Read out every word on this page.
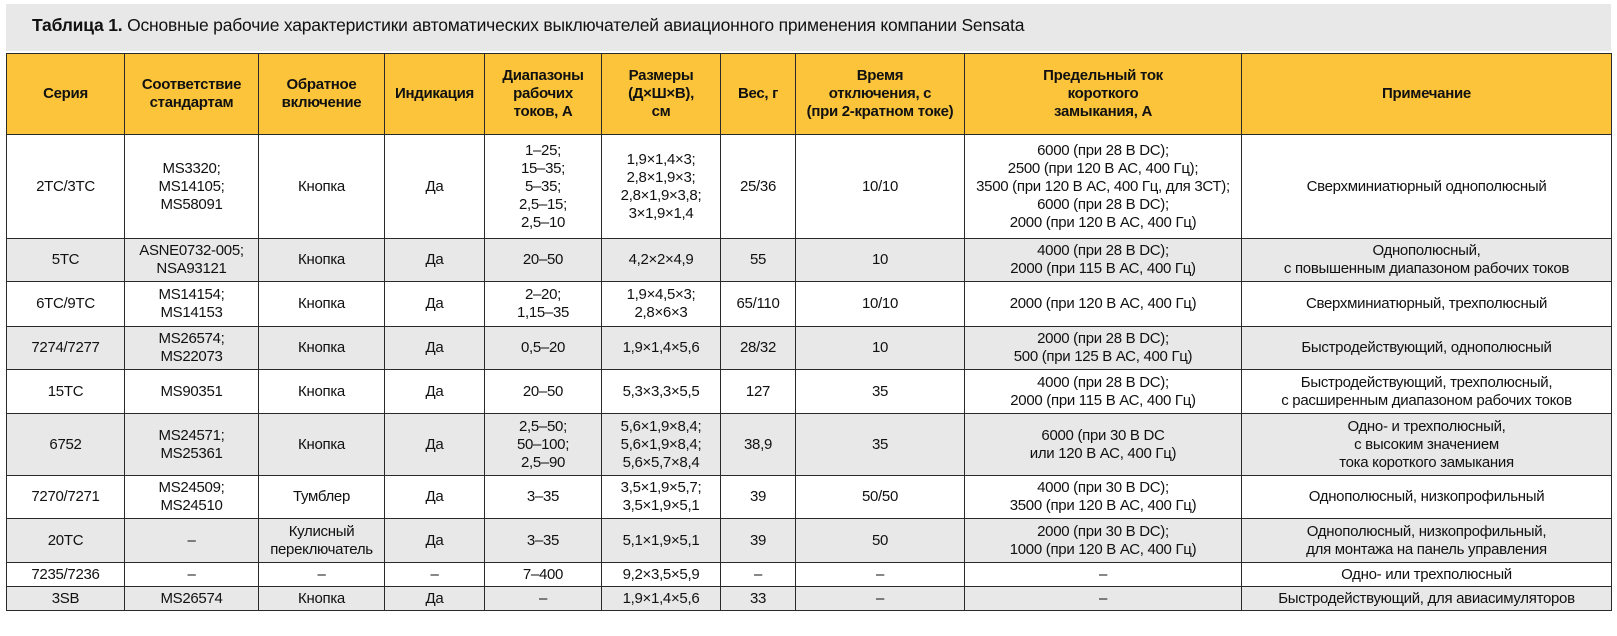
Таблица 1. Основные рабочие характеристики автоматических выключателей авиационного применения компании Sensata
Серия	Соответствие
стандартам	Обратное
включение	Индикация	Диапазоны
рабочих
токов, А	Размеры
(Д×Ш×В),
см	Вес, г	Время
отключения, с
(при 2-кратном токе)	Предельный ток
короткого
замыкания, А	Примечание

2TC/3TC	MS3320;
MS14105;
MS58091	Кнопка	Да	1–25;
15–35;
5–35;
2,5–15;
2,5–10	1,9×1,4×3;
2,8×1,9×3;
2,8×1,9×3,8;
3×1,9×1,4	25/36	10/10	6000 (при 28 В DC);
2500 (при 120 В АС, 400 Гц);
3500 (при 120 В АС, 400 Гц, для 3СТ);
6000 (при 28 В DC);
2000 (при 120 В АС, 400 Гц)	Сверхминиатюрный однополюсный

5TC	ASNE0732-005;
NSA93121	Кнопка	Да	20–50	4,2×2×4,9	55	10	4000 (при 28 В DC);
2000 (при 115 В АС, 400 Гц)	Однополюсный,
с повышенным диапазоном рабочих токов

6TC/9TC	MS14154;
MS14153	Кнопка	Да	2–20;
1,15–35	1,9×4,5×3;
2,8×6×3	65/110	10/10	2000 (при 120 В АС, 400 Гц)	Сверхминиатюрный, трехполюсный

7274/7277	MS26574;
MS22073	Кнопка	Да	0,5–20	1,9×1,4×5,6	28/32	10	2000 (при 28 В DC);
500 (при 125 В АС, 400 Гц)	Быстродействующий, однополюсный

15TC	MS90351	Кнопка	Да	20–50	5,3×3,3×5,5	127	35	4000 (при 28 В DC);
2000 (при 115 В АС, 400 Гц)	Быстродействующий, трехполюсный,
с расширенным диапазоном рабочих токов

6752	MS24571;
MS25361	Кнопка	Да	2,5–50;
50–100;
2,5–90	5,6×1,9×8,4;
5,6×1,9×8,4;
5,6×5,7×8,4	38,9	35	6000 (при 30 В DC
или 120 В АС, 400 Гц)	Одно- и трехполюсный,
с высоким значением
тока короткого замыкания

7270/7271	MS24509;
MS24510	Тумблер	Да	3–35	3,5×1,9×5,7;
3,5×1,9×5,1	39	50/50	4000 (при 30 В DC);
3500 (при 120 В АС, 400 Гц)	Однополюсный, низкопрофильный

20TC	–	Кулисный
переключатель	Да	3–35	5,1×1,9×5,1	39	50	2000 (при 30 В DC);
1000 (при 120 В АС, 400 Гц)	Однополюсный, низкопрофильный,
для монтажа на панель управления

7235/7236	–	–	–	7–400	9,2×3,5×5,9	–	–	–	Одно- или трехполюсный

3SB	MS26574	Кнопка	Да	–	1,9×1,4×5,6	33	–	–	Быстродействующий, для авиасимуляторов
